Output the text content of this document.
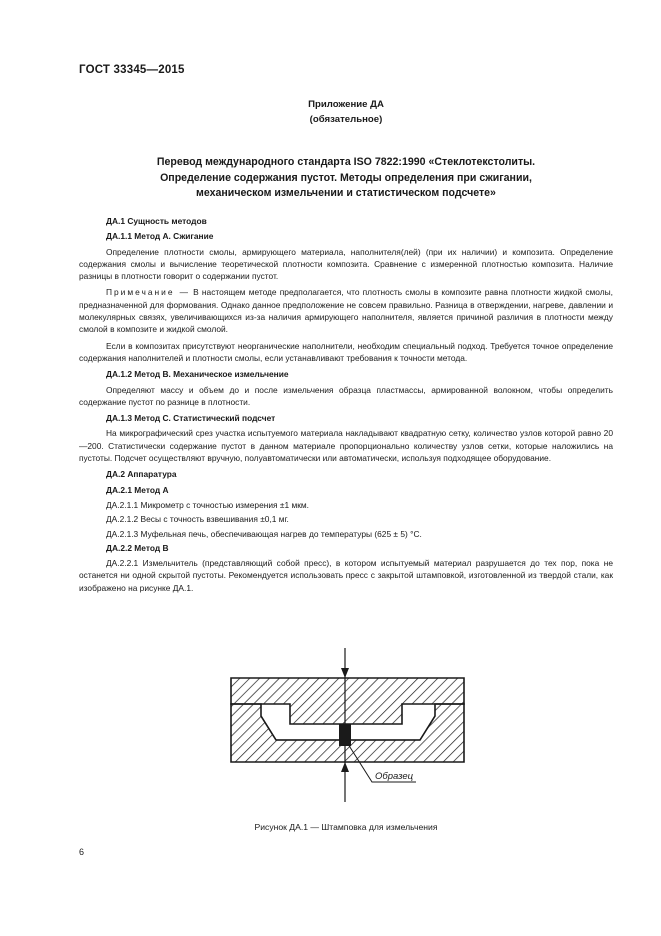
ГОСТ 33345—2015
Приложение ДА
(обязательное)
Перевод международного стандарта ISO 7822:1990 «Стеклотекстолиты.
Определение содержания пустот. Методы определения при сжигании,
механическом измельчении и статистическом подсчете»
ДА.1 Сущность методов
ДА.1.1 Метод А. Сжигание
Определение плотности смолы, армирующего материала, наполнителя(лей) (при их наличии) и композита. Определение содержания смолы и вычисление теоретической плотности композита. Сравнение с измеренной плотностью композита. Наличие разницы в плотности говорит о содержании пустот.
Примечание — В настоящем методе предполагается, что плотность смолы в композите равна плотности жидкой смолы, предназначенной для формования. Однако данное предположение не совсем правильно. Разница в отверждении, нагреве, давлении и молекулярных связях, увеличивающихся из-за наличия армирующего наполнителя, является причиной различия в плотности между смолой в композите и жидкой смолой.
Если в композитах присутствуют неорганические наполнители, необходим специальный подход. Требуется точное определение содержания наполнителей и плотности смолы, если устанавливают требования к точности метода.
ДА.1.2 Метод В. Механическое измельчение
Определяют массу и объем до и после измельчения образца пластмассы, армированной волокном, чтобы определить содержание пустот по разнице в плотности.
ДА.1.3 Метод С. Статистический подсчет
На микрографический срез участка испытуемого материала накладывают квадратную сетку, количество узлов которой равно 20—200. Статистически содержание пустот в данном материале пропорционально количеству узлов сетки, которые наложились на пустоты. Подсчет осуществляют вручную, полуавтоматически или автоматически, используя подходящее оборудование.
ДА.2 Аппаратура
ДА.2.1 Метод А
ДА.2.1.1 Микрометр с точностью измерения ±1 мкм.
ДА.2.1.2 Весы с точность взвешивания ±0,1 мг.
ДА.2.1.3 Муфельная печь, обеспечивающая нагрев до температуры (625 ± 5) °С.
ДА.2.2 Метод В
ДА.2.2.1 Измельчитель (представляющий собой пресс), в котором испытуемый материал разрушается до тех пор, пока не останется ни одной скрытой пустоты. Рекомендуется использовать пресс с закрытой штамповкой, изготовленной из твердой стали, как изображено на рисунке ДА.1.
Образец
Рисунок ДА.1 — Штамповка для измельчения
6
